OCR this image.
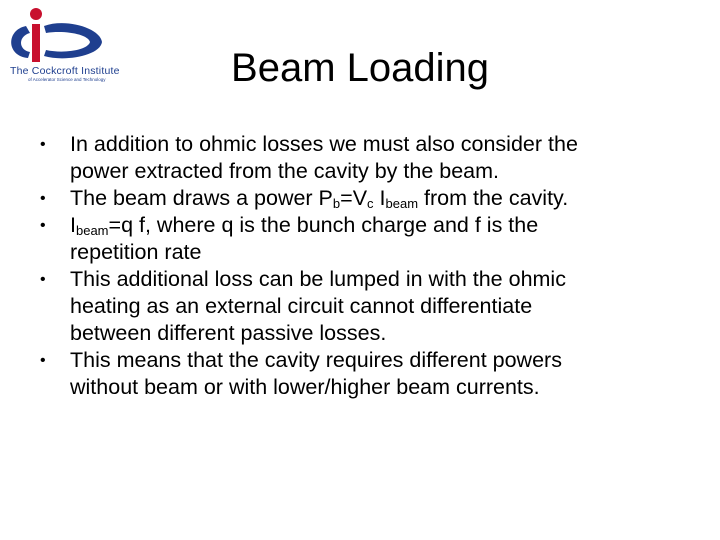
The Cockcroft Institute
of Accelerator Science and Technology	Beam Loading
• In addition to ohmic losses we must also consider the
power extracted from the cavity by the beam.
• The beam draws a power $P_b=V_c$ $I_{beam}$ from the cavity.
• $I_{beam}=q$ f, where q is the bunch charge and f is the
repetition rate
• This additional loss can be lumped in with the ohmic
heating as an external circuit cannot differentiate
between different passive losses.
• This means that the cavity requires different powers
without beam or with lower/higher beam currents.
